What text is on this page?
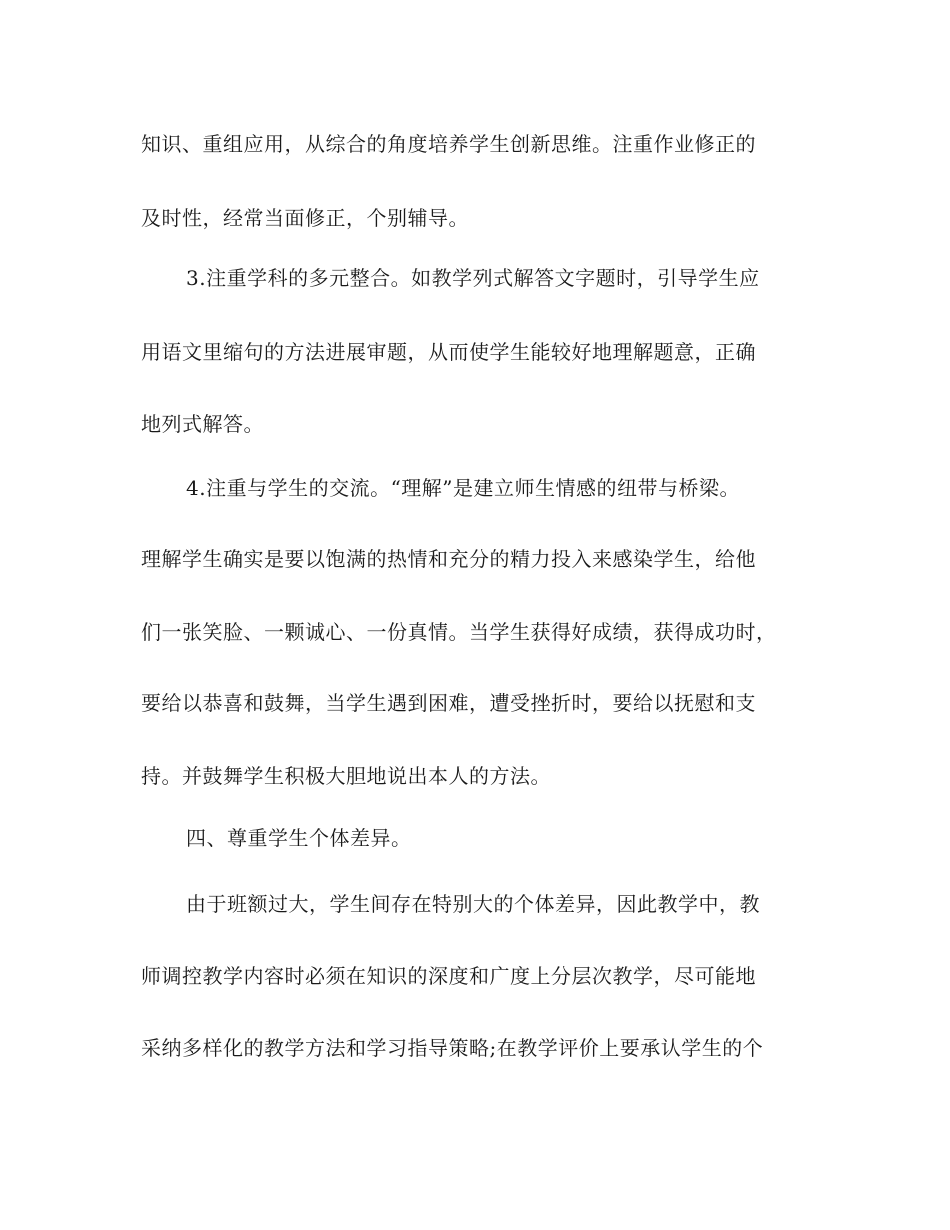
知识、重组应用，从综合的角度培养学生创新思维。注重作业修正的
及时性，经常当面修正，个别辅导。
3.注重学科的多元整合。如教学列式解答文字题时，引导学生应
用语文里缩句的方法进展审题，从而使学生能较好地理解题意，正确
地列式解答。
4.注重与学生的交流。“理解”是建立师生情感的纽带与桥梁。
理解学生确实是要以饱满的热情和充分的精力投入来感染学生，给他
们一张笑脸、一颗诚心、一份真情。当学生获得好成绩，获得成功时，
要给以恭喜和鼓舞，当学生遇到困难，遭受挫折时，要给以抚慰和支
持。并鼓舞学生积极大胆地说出本人的方法。
四、尊重学生个体差异。
由于班额过大，学生间存在特别大的个体差异，因此教学中，教
师调控教学内容时必须在知识的深度和广度上分层次教学，尽可能地
采纳多样化的教学方法和学习指导策略;在教学评价上要承认学生的个
